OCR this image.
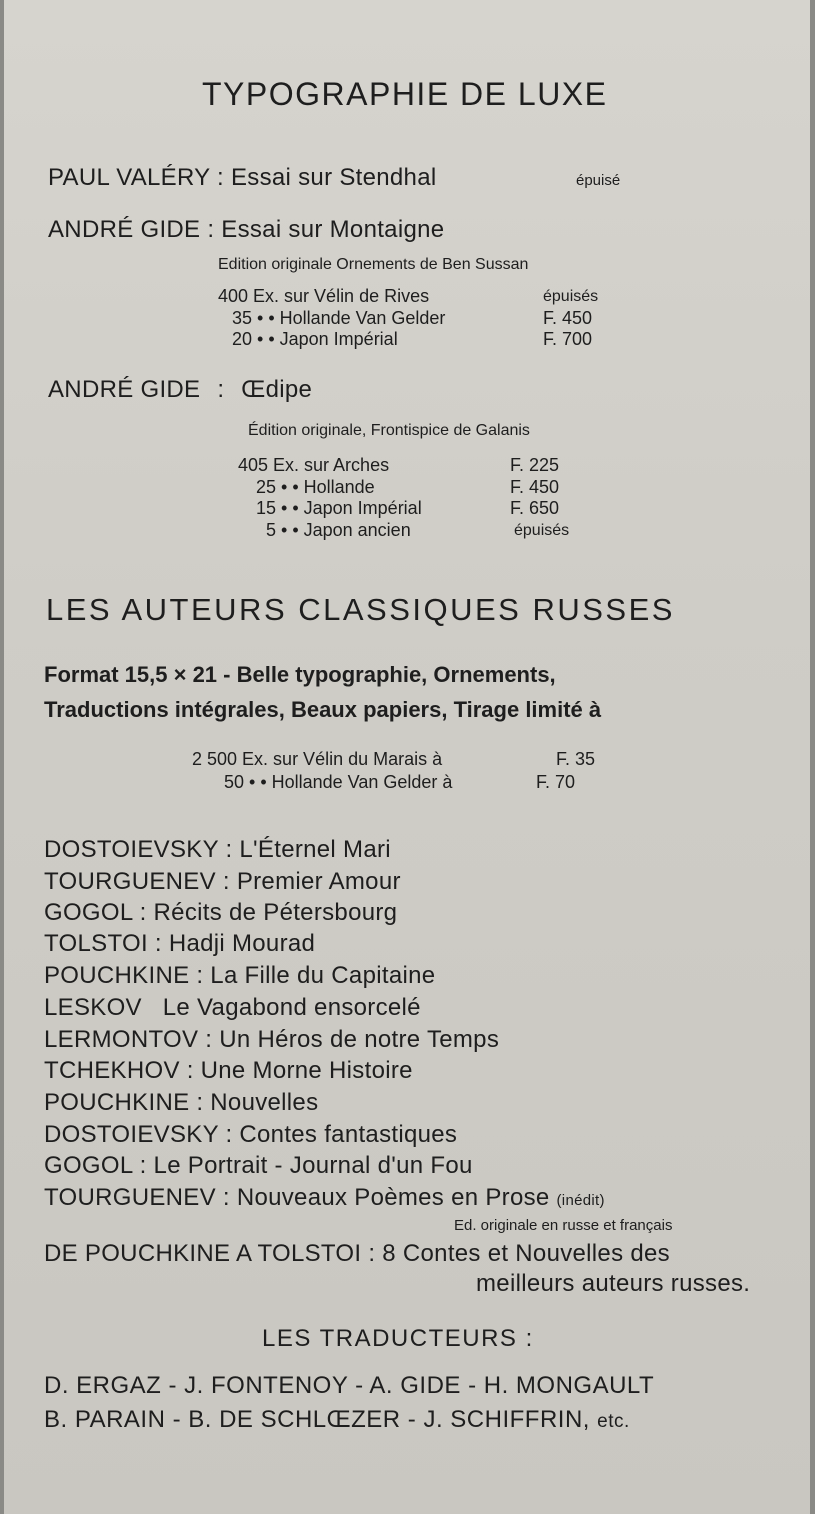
TYPOGRAPHIE DE LUXE
PAUL VALÉRY : Essai sur Stendhal	épuisé
ANDRÉ GIDE : Essai sur Montaigne
Edition originale Ornements de Ben Sussan
400 Ex. sur Vélin de Rives	épuisés
35 • • Hollande Van Gelder	F. 450
20 • • Japon Impérial	F. 700
ANDRÉ GIDE : Œdipe
Édition originale, Frontispice de Galanis
405 Ex. sur Arches	F. 225
25 • • Hollande	F. 450
15 • • Japon Impérial	F. 650
5 • • Japon ancien	épuisés
LES AUTEURS CLASSIQUES RUSSES
Format 15,5 × 21 - Belle typographie, Ornements,
Traductions intégrales, Beaux papiers, Tirage limité à
2 500 Ex. sur Vélin du Marais à	F. 35
50 • • Hollande Van Gelder à	F. 70
DOSTOIEVSKY : L'Éternel Mari
TOURGUENEV : Premier Amour
GOGOL : Récits de Pétersbourg
TOLSTOI : Hadji Mourad
POUCHKINE : La Fille du Capitaine
LESKOV Le Vagabond ensorcelé
LERMONTOV : Un Héros de notre Temps
TCHEKHOV : Une Morne Histoire
POUCHKINE : Nouvelles
DOSTOIEVSKY : Contes fantastiques
GOGOL : Le Portrait - Journal d'un Fou
TOURGUENEV : Nouveaux Poèmes en Prose (inédit)
Ed. originale en russe et français
DE POUCHKINE A TOLSTOI : 8 Contes et Nouvelles des
meilleurs auteurs russes.
LES TRADUCTEURS :
D. ERGAZ - J. FONTENOY - A. GIDE - H. MONGAULT
B. PARAIN - B. DE SCHLŒZER - J. SCHIFFRIN, etc.
